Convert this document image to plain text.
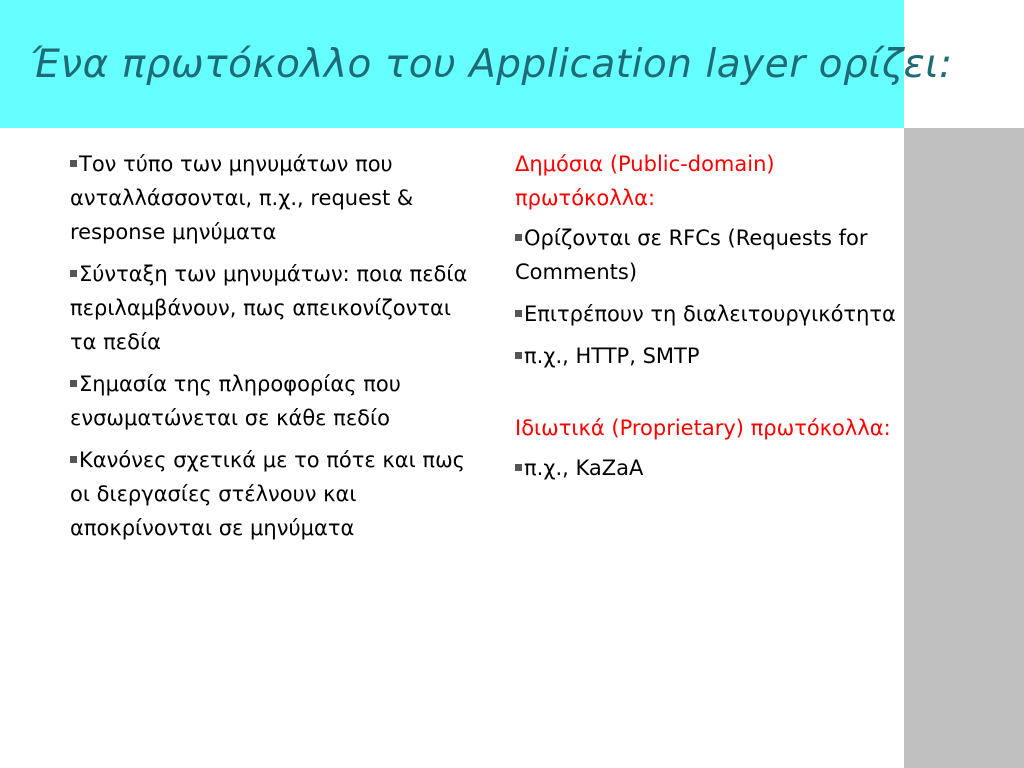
Ένα πρωτόκολλο του Application layer ορίζει:
Τον τύπο των μηνυμάτων που ανταλλάσσονται, π.χ., request & response μηνύματα
Σύνταξη των μηνυμάτων: ποια πεδία περιλαμβάνουν, πως απεικονίζονται τα πεδία
Σημασία της πληροφορίας που ενσωματώνεται σε κάθε πεδίο
Κανόνες σχετικά με το πότε και πως οι διεργασίες στέλνουν και αποκρίνονται σε μηνύματα
Δημόσια (Public-domain) πρωτόκολλα:
Ορίζονται σε RFCs (Requests for Comments)
Επιτρέπουν τη διαλειτουργικότητα
π.χ., HTTP, SMTP
Ιδιωτικά (Proprietary) πρωτόκολλα:
π.χ., KaZaA
